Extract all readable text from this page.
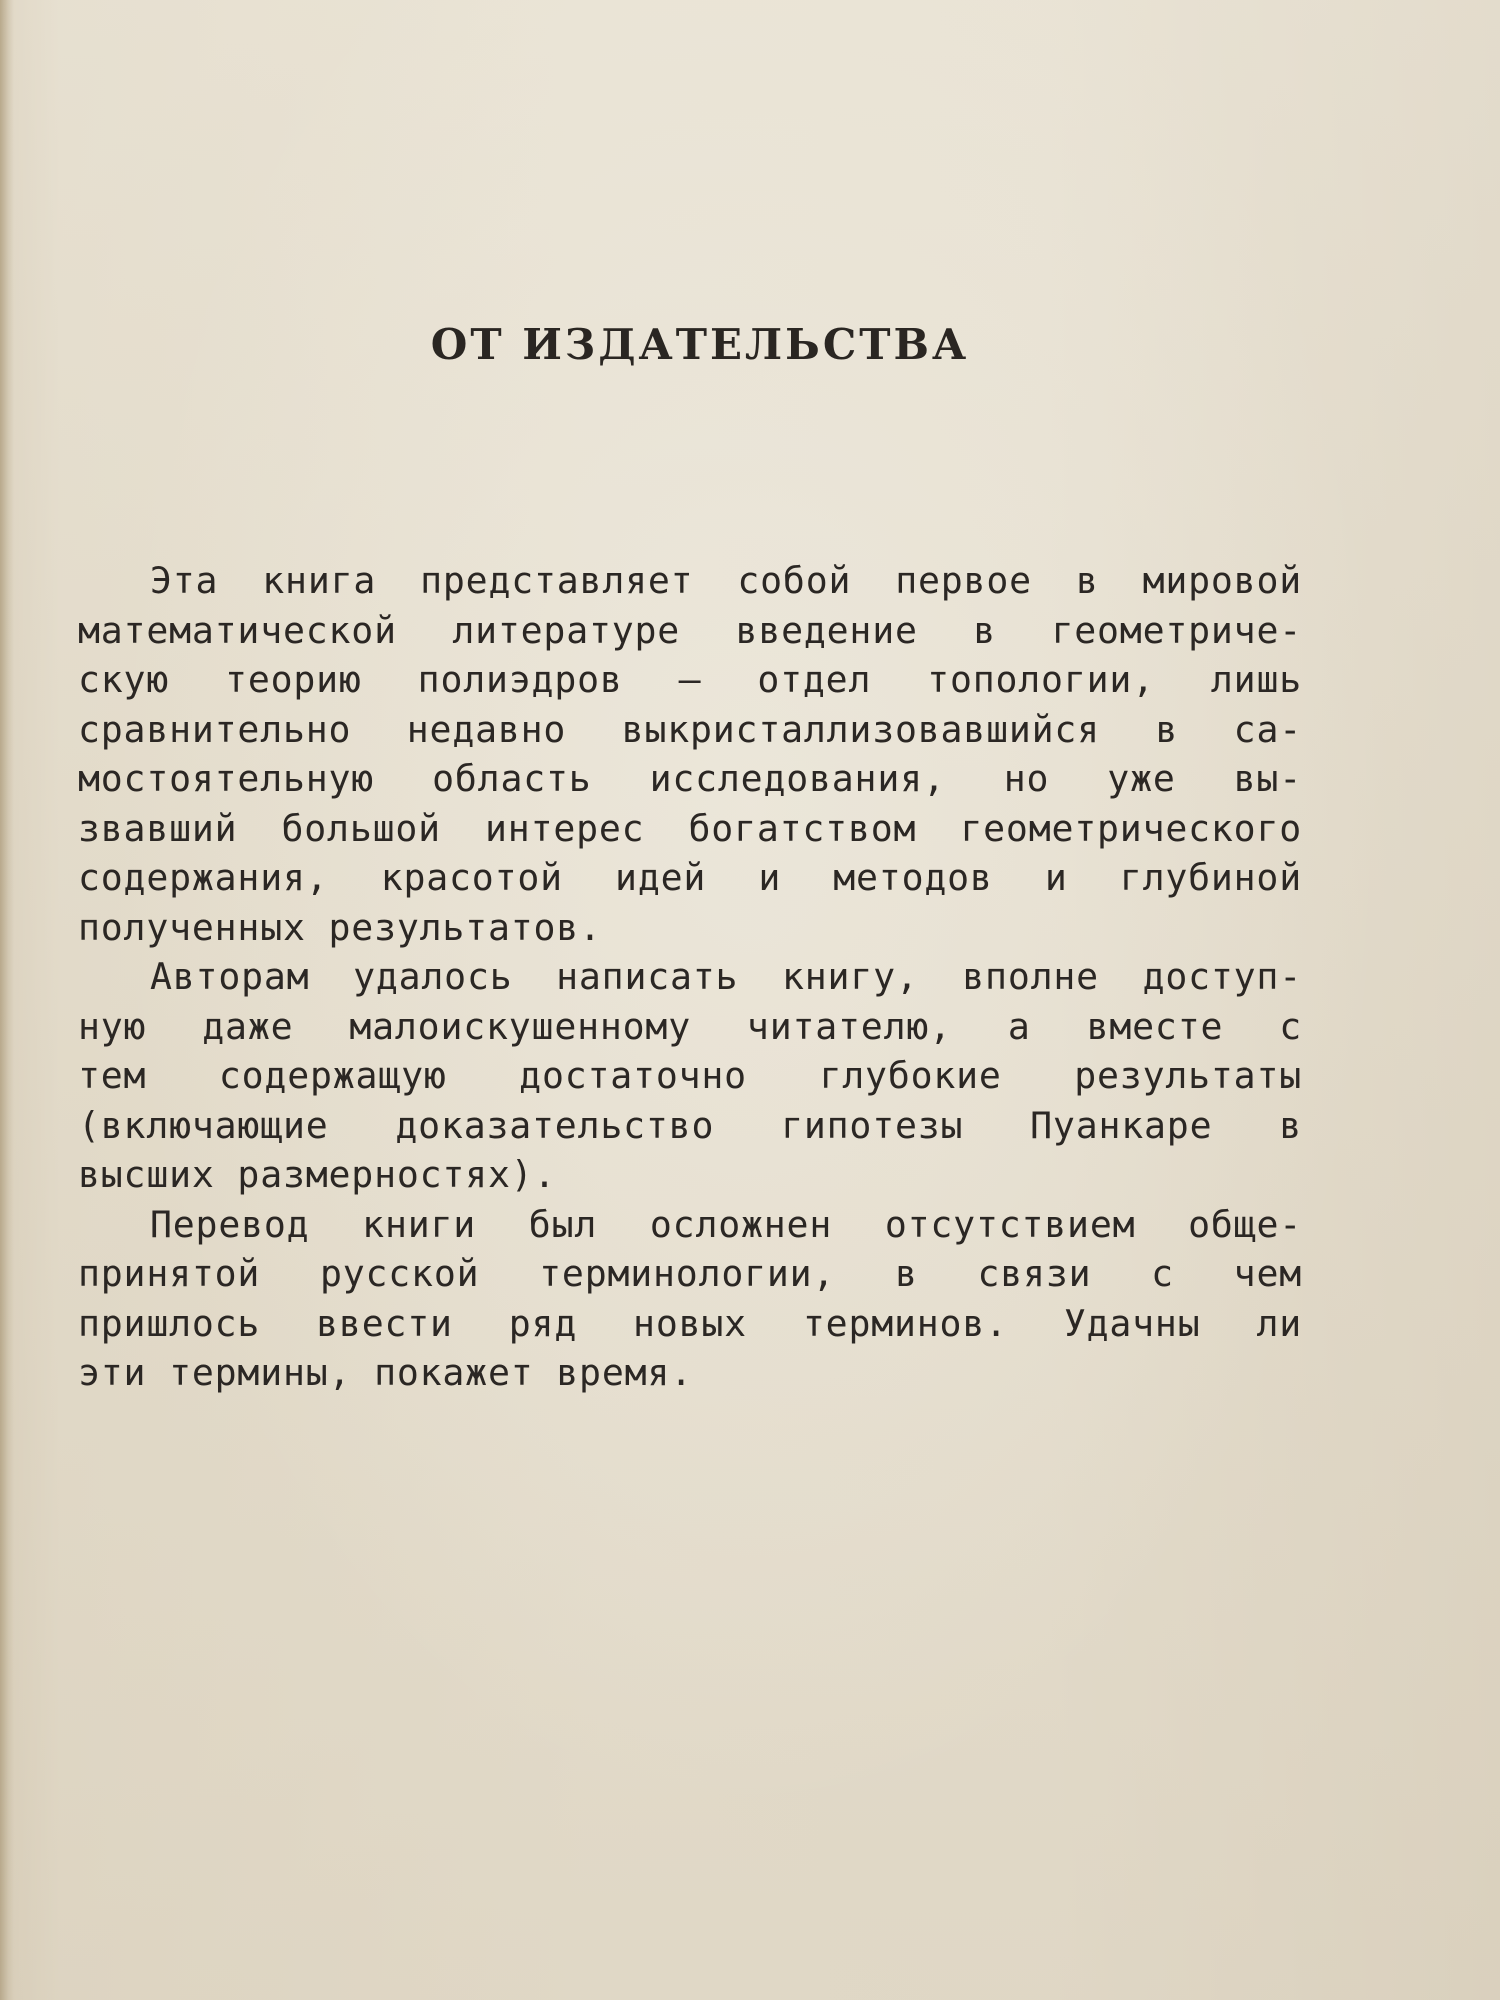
ОТ ИЗДАТЕЛЬСТВА

Эта книга представляет собой первое в мировой
математической литературе введение в геометриче-
скую теорию полиэдров — отдел топологии, лишь
сравнительно недавно выкристаллизовавшийся в са-
мостоятельную область исследования, но уже вы-
звавший большой интерес богатством геометрического
содержания, красотой идей и методов и глубиной
полученных результатов.

Авторам удалось написать книгу, вполне доступ-
ную даже малоискушенному читателю, а вместе с
тем содержащую достаточно глубокие результаты
(включающие доказательство гипотезы Пуанкаре в
высших размерностях).

Перевод книги был осложнен отсутствием обще-
принятой русской терминологии, в связи с чем
пришлось ввести ряд новых терминов. Удачны ли
эти термины, покажет время.
